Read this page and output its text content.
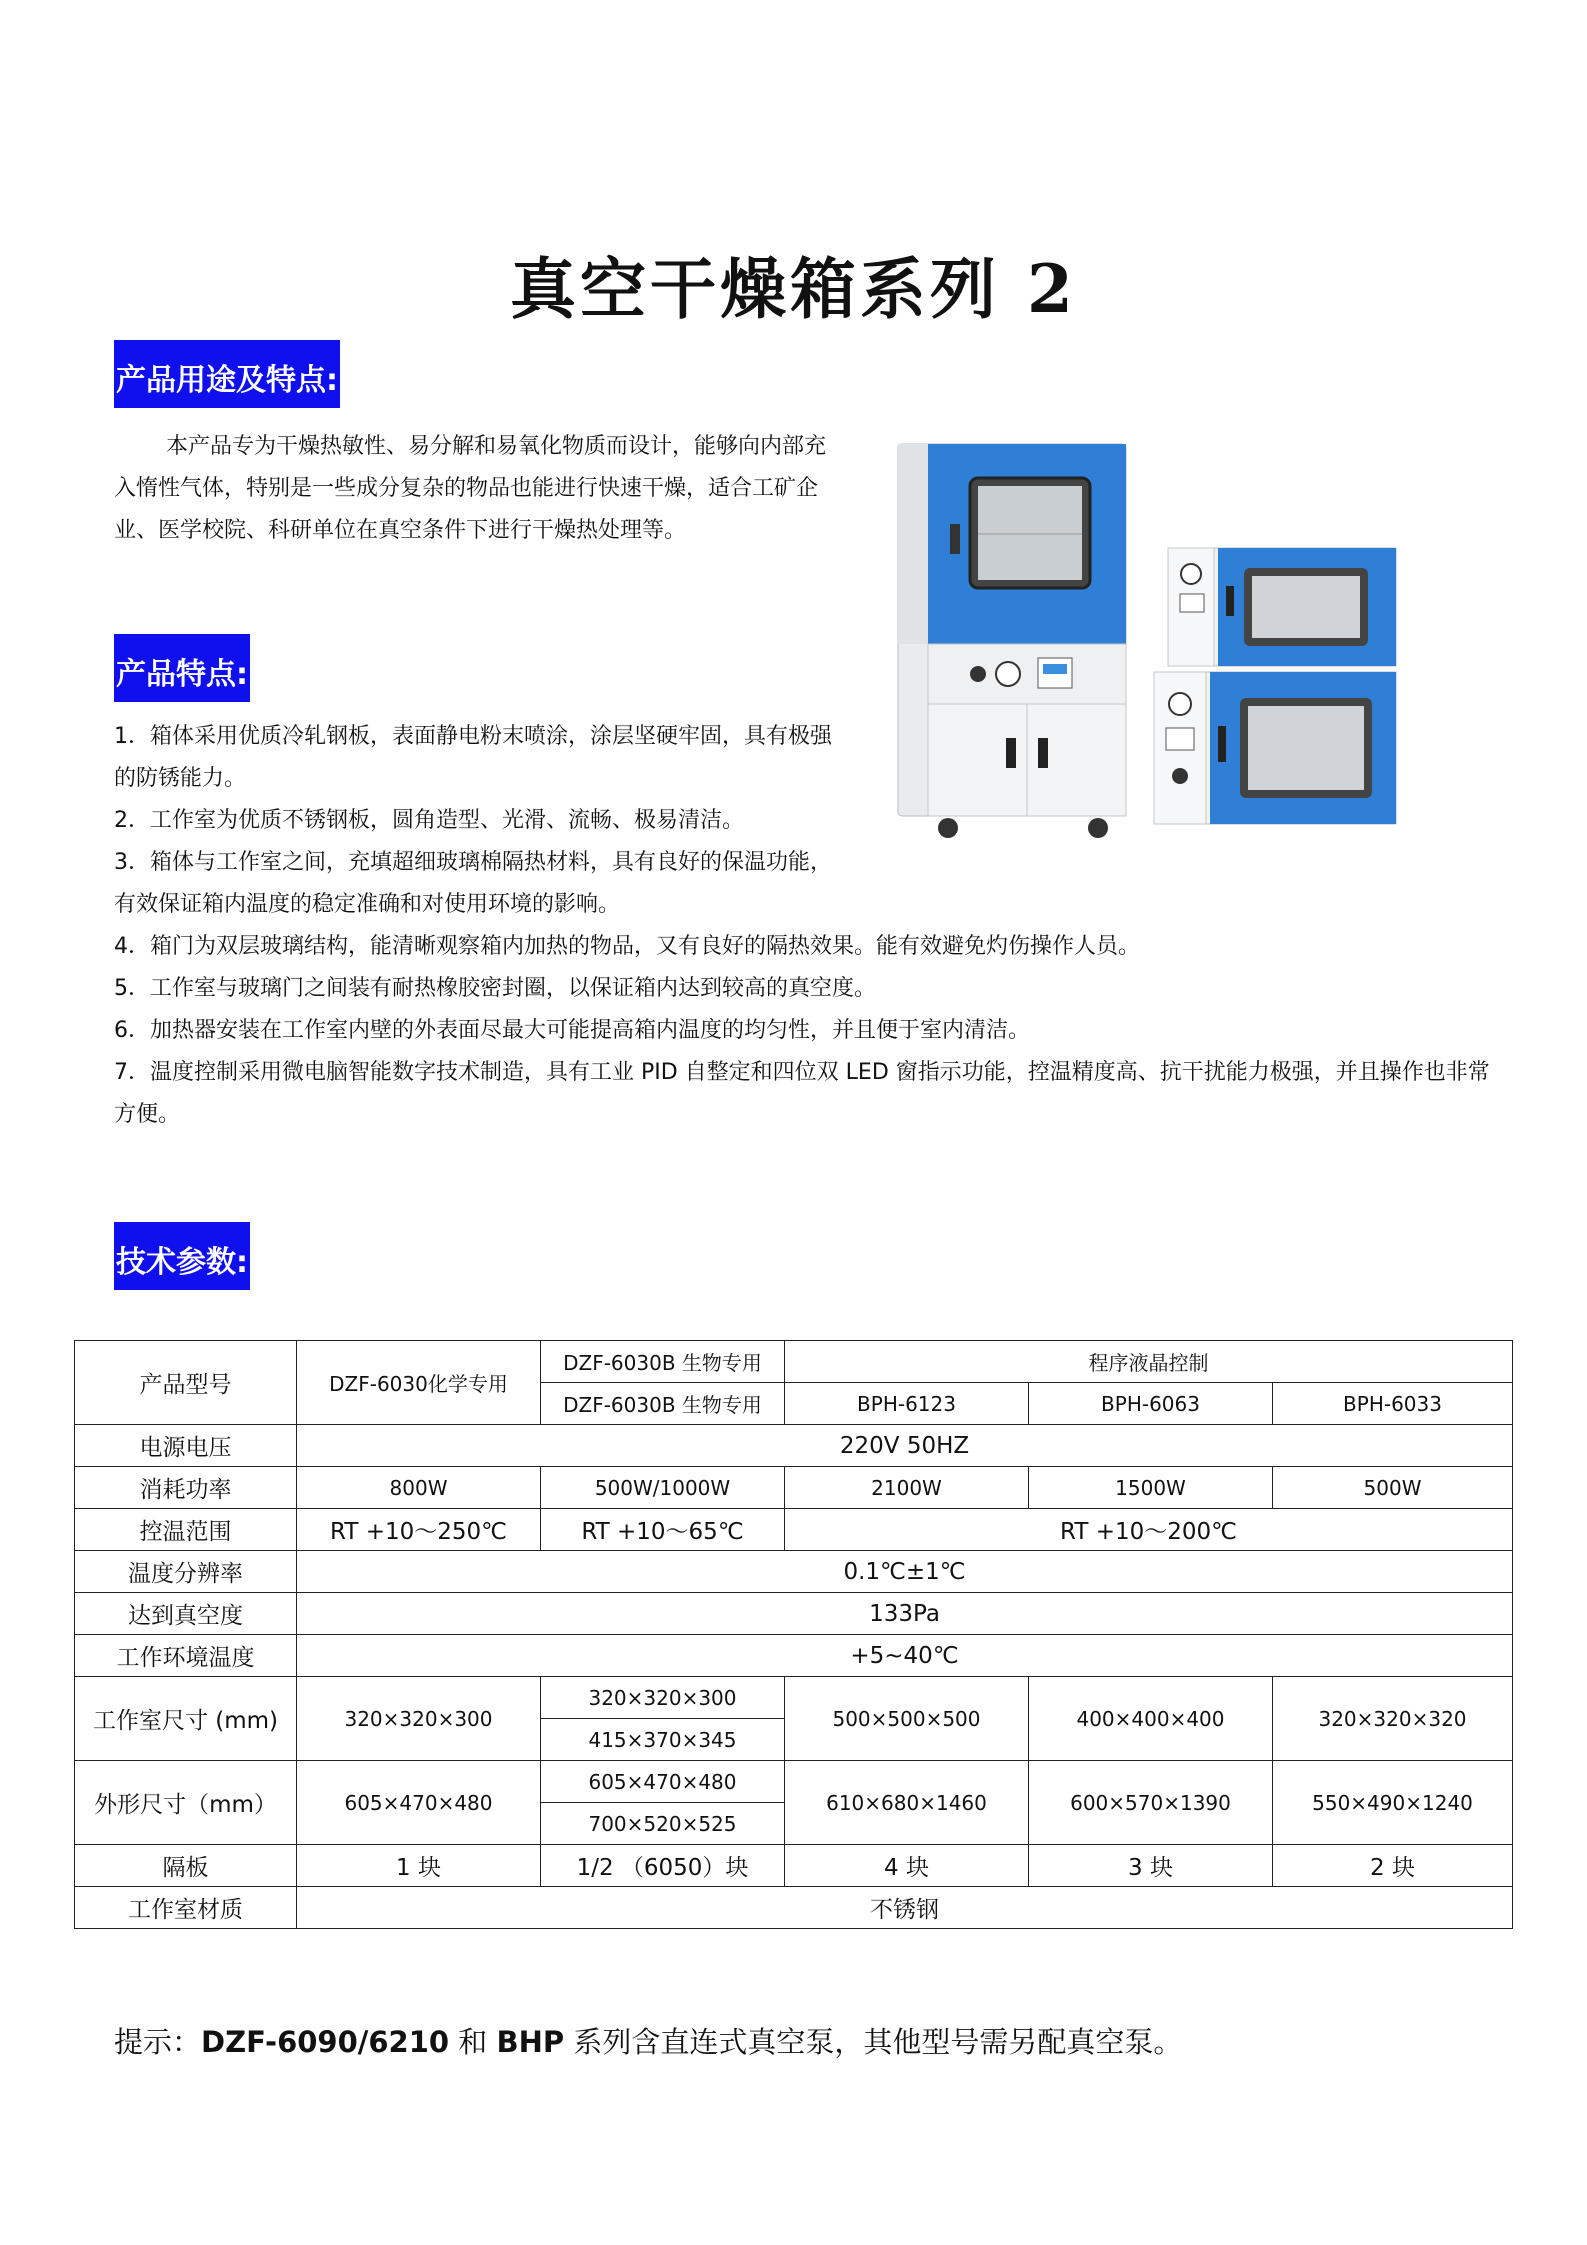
真空干燥箱系列 2
产品用途及特点:
本产品专为干燥热敏性、易分解和易氧化物质而设计，能够向内部充入惰性气体，特别是一些成分复杂的物品也能进行快速干燥，适合工矿企业、医学校院、科研单位在真空条件下进行干燥热处理等。
产品特点:

1．箱体采用优质冷轧钢板，表面静电粉末喷涂，涂层坚硬牢固，具有极强的防锈能力。

2．工作室为优质不锈钢板，圆角造型、光滑、流畅、极易清洁。

3．箱体与工作室之间，充填超细玻璃棉隔热材料，具有良好的保温功能，有效保证箱内温度的稳定准确和对使用环境的影响。

4．箱门为双层玻璃结构，能清晰观察箱内加热的物品，又有良好的隔热效果。能有效避免灼伤操作人员。

5．工作室与玻璃门之间装有耐热橡胶密封圈，以保证箱内达到较高的真空度。

6．加热器安装在工作室内壁的外表面尽最大可能提高箱内温度的均匀性，并且便于室内清洁。

7．温度控制采用微电脑智能数字技术制造，具有工业 PID 自整定和四位双 LED 窗指示功能，控温精度高、抗干扰能力极强，并且操作也非常方便。

技术参数:
产品型号	DZF-6030化学专用	DZF-6030B 生物专用	程序液晶控制		
		DZF-6030B 生物专用	BPH-6123	BPH-6063	BPH-6033
电源电压	220V 50HZ				
消耗功率	800W	500W/1000W	2100W	1500W	500W
控温范围	RT +10～250℃	RT +10～65℃	RT +10～200℃		
温度分辨率	0.1℃±1℃				
达到真空度	133Pa				
工作环境温度	+5~40℃				
工作室尺寸 (mm)	320×320×300	320×320×300	500×500×500	400×400×400	320×320×320
		415×370×345			
外形尺寸（mm）	605×470×480	605×470×480	610×680×1460	600×570×1390	550×490×1240
		700×520×525			
隔板	1 块	1/2 （6050）块	4 块	3 块	2 块
工作室材质	不锈钢				
提示：DZF-6090/6210 和 BHP 系列含直连式真空泵，其他型号需另配真空泵。
